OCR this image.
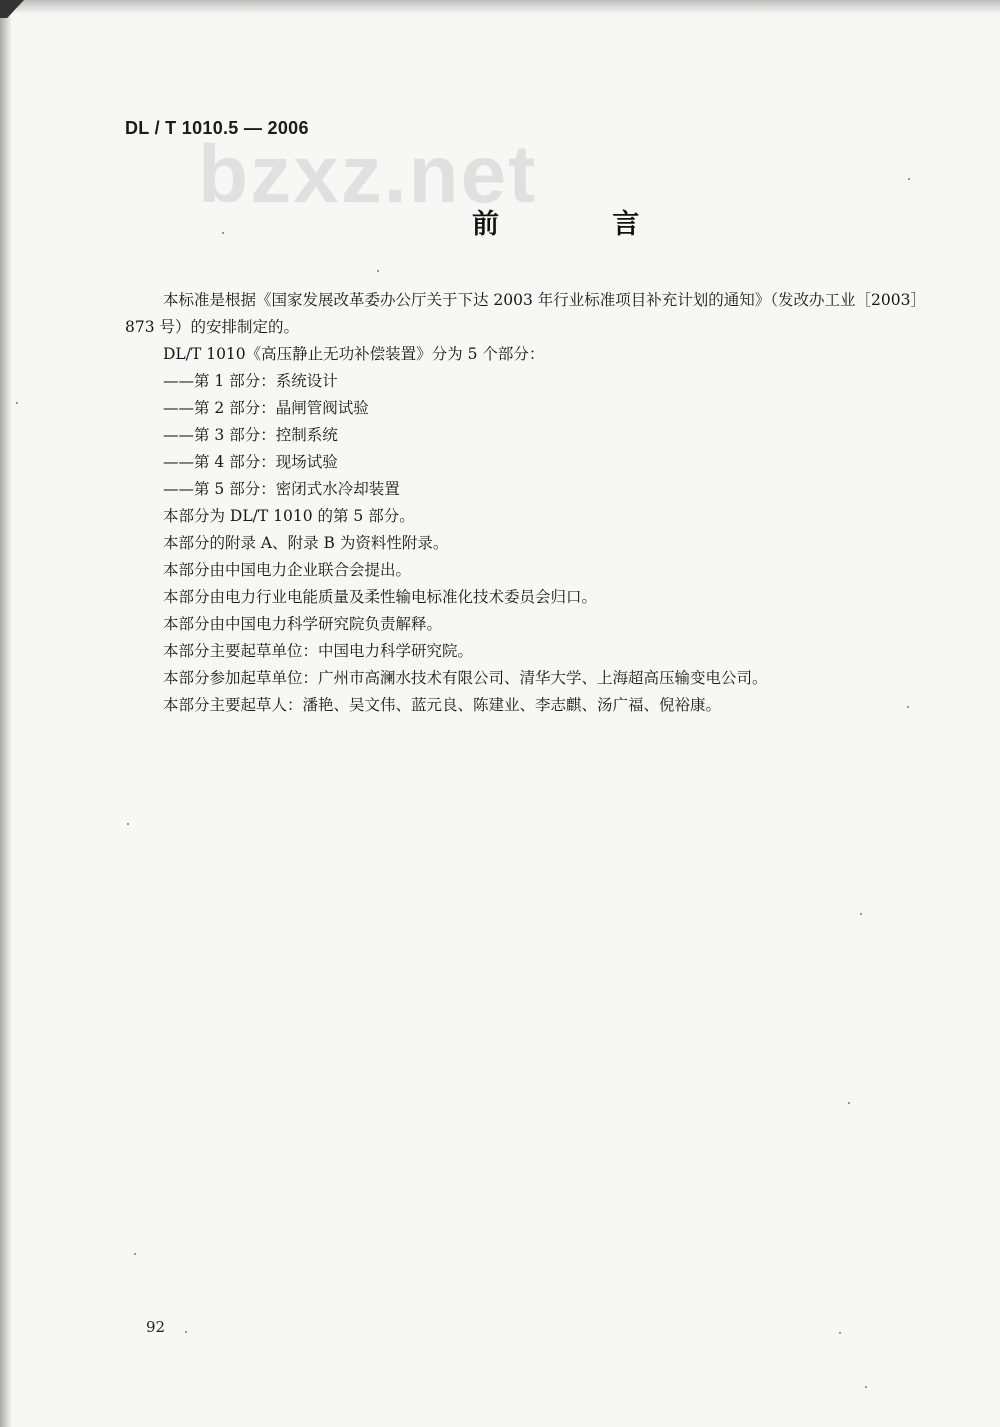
DL / T 1010.5 — 2006
bzxz.net
前 言

本标准是根据《国家发展改革委办公厅关于下达 2003 年行业标准项目补充计划的通知》（发改办工业［2003］873 号）的安排制定的。

DL/T 1010《高压静止无功补偿装置》分为 5 个部分：

——第 1 部分：系统设计

——第 2 部分：晶闸管阀试验

——第 3 部分：控制系统

——第 4 部分：现场试验

——第 5 部分：密闭式水冷却装置

本部分为 DL/T 1010 的第 5 部分。

本部分的附录 A、附录 B 为资料性附录。

本部分由中国电力企业联合会提出。

本部分由电力行业电能质量及柔性输电标准化技术委员会归口。

本部分由中国电力科学研究院负责解释。

本部分主要起草单位：中国电力科学研究院。

本部分参加起草单位：广州市高澜水技术有限公司、清华大学、上海超高压输变电公司。

本部分主要起草人：潘艳、吴文伟、蓝元良、陈建业、李志麒、汤广福、倪裕康。

92
